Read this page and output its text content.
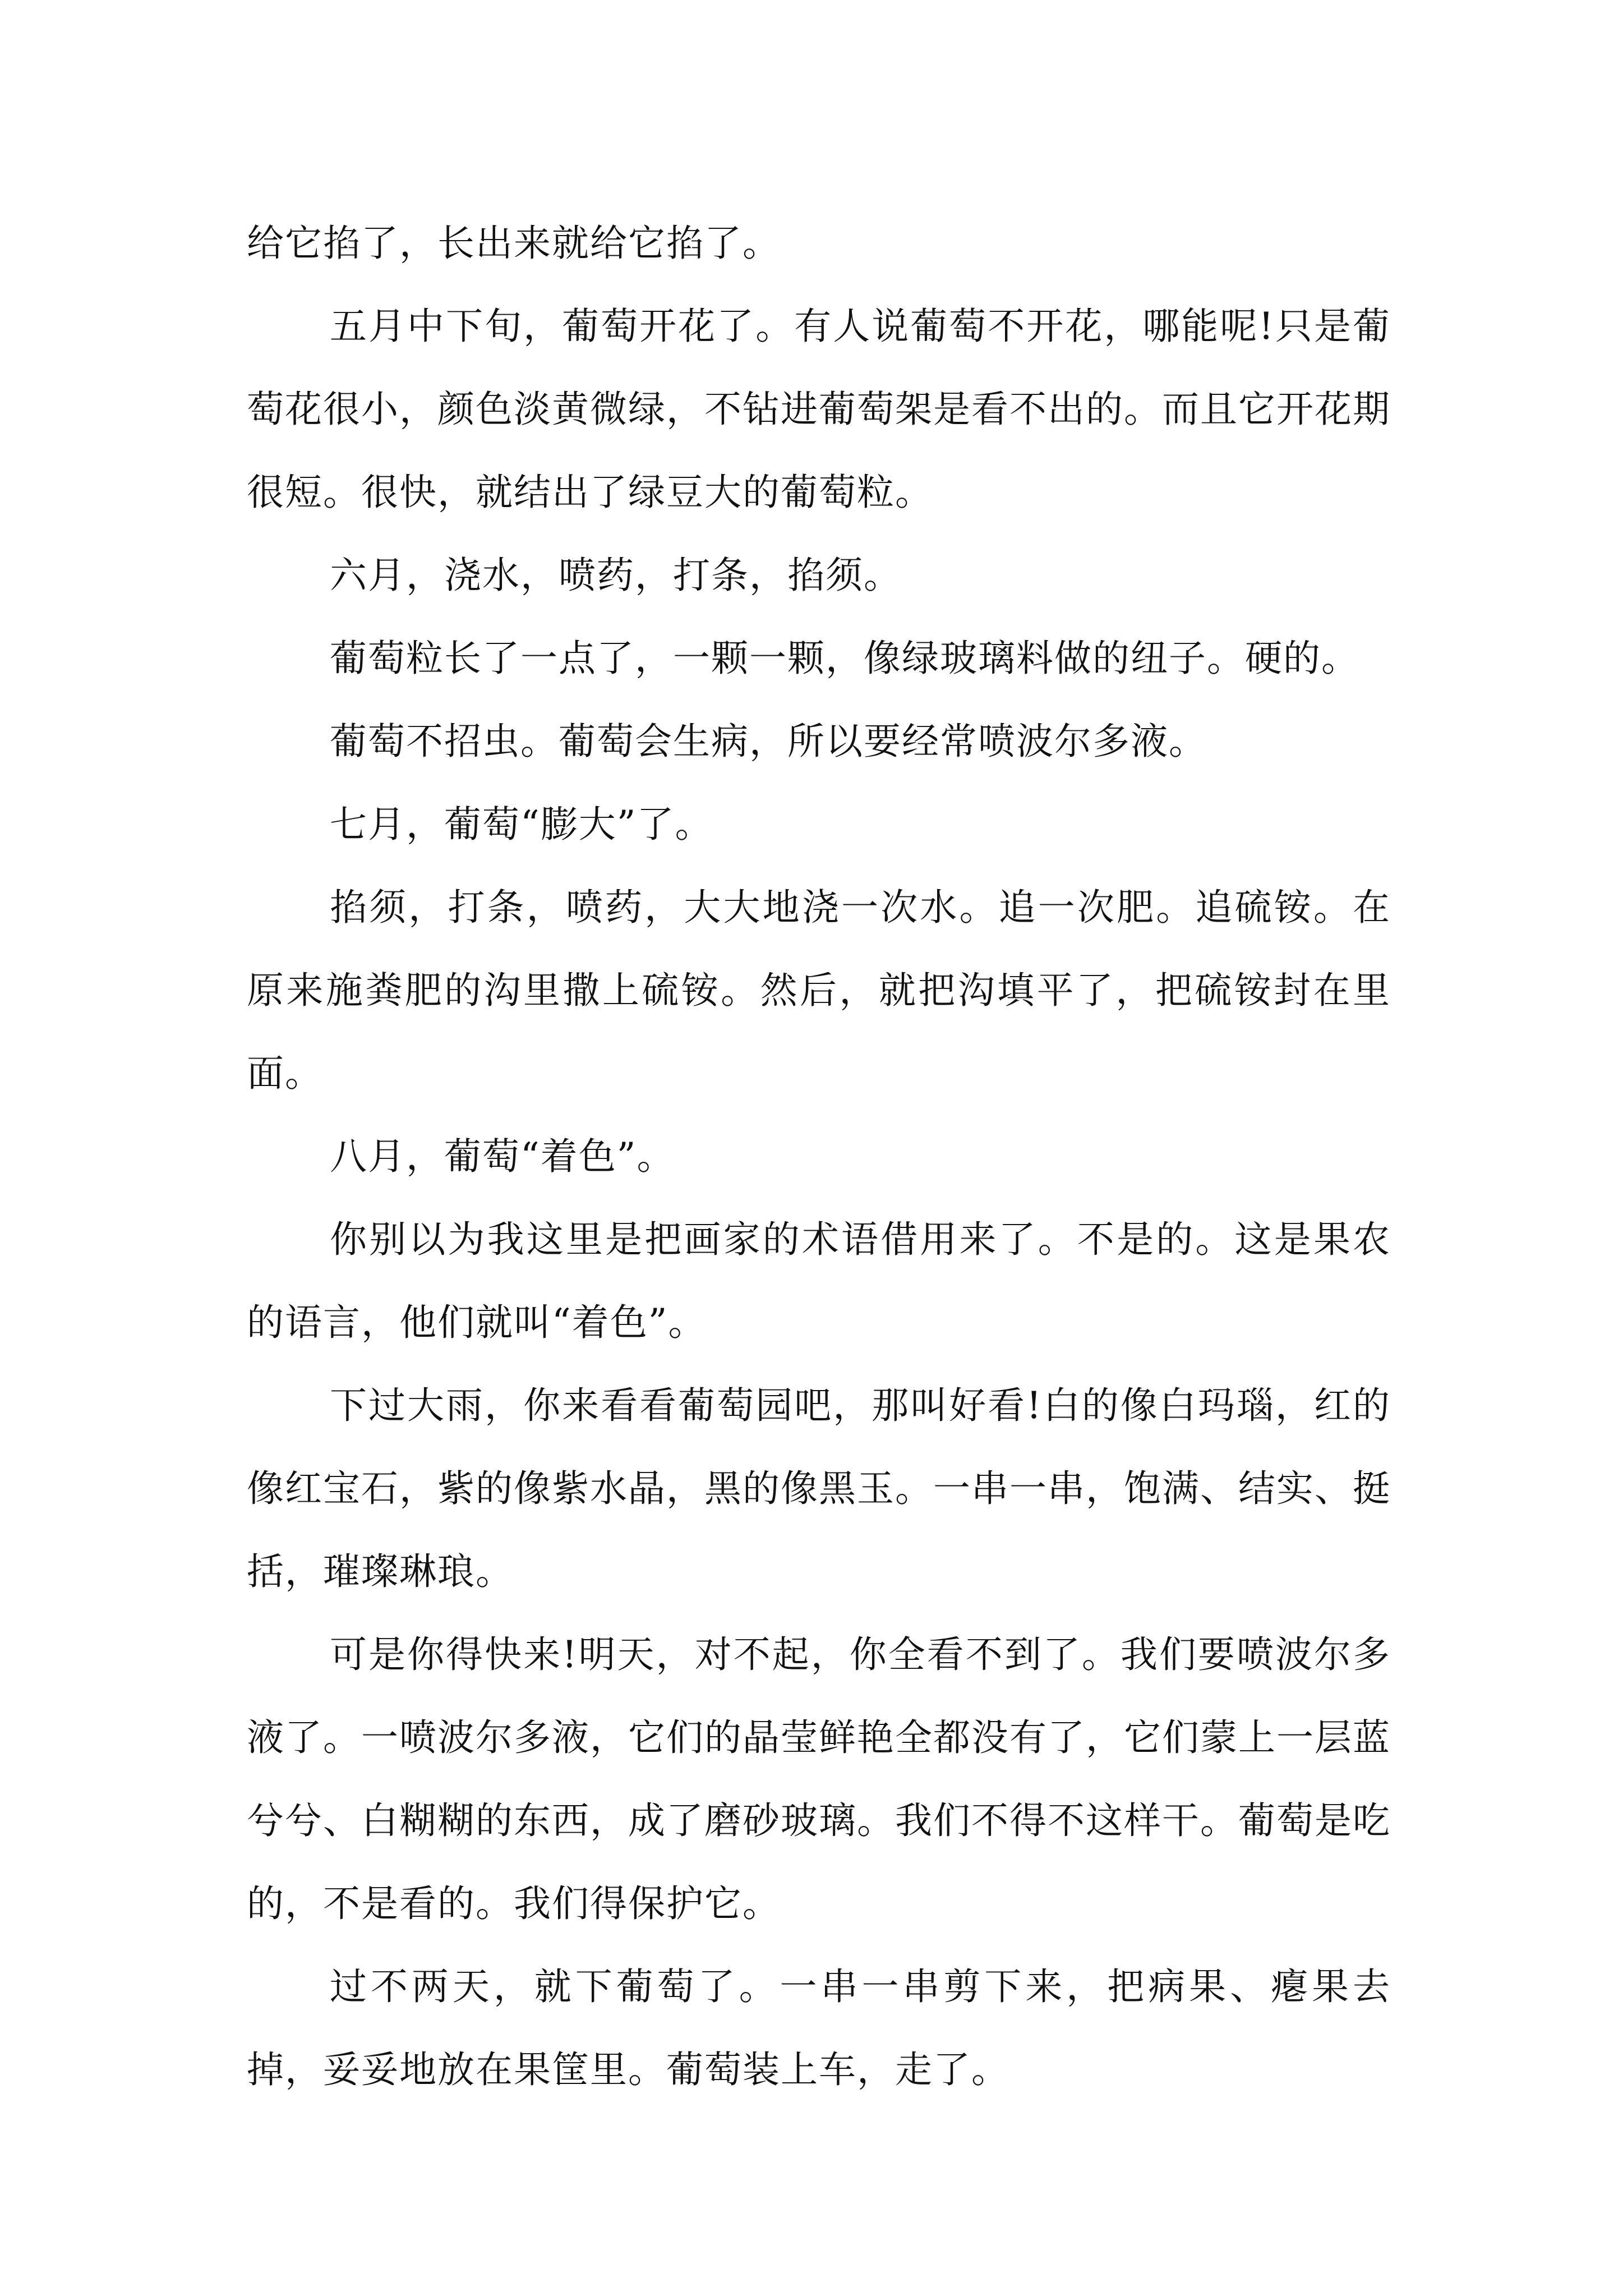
给它掐了，长出来就给它掐了。

五月中下旬，葡萄开花了。有人说葡萄不开花，哪能呢!只是葡萄花很小，颜色淡黄微绿，不钻进葡萄架是看不出的。而且它开花期很短。很快，就结出了绿豆大的葡萄粒。

六月，浇水，喷药，打条，掐须。

葡萄粒长了一点了，一颗一颗，像绿玻璃料做的纽子。硬的。

葡萄不招虫。葡萄会生病，所以要经常喷波尔多液。

七月，葡萄“膨大”了。

掐须，打条，喷药，大大地浇一次水。追一次肥。追硫铵。在原来施粪肥的沟里撒上硫铵。然后，就把沟填平了，把硫铵封在里面。

八月，葡萄“着色”。

你别以为我这里是把画家的术语借用来了。不是的。这是果农的语言，他们就叫“着色”。

下过大雨，你来看看葡萄园吧，那叫好看!白的像白玛瑙，红的像红宝石，紫的像紫水晶，黑的像黑玉。一串一串，饱满、结实、挺括，璀璨琳琅。

可是你得快来!明天，对不起，你全看不到了。我们要喷波尔多液了。一喷波尔多液，它们的晶莹鲜艳全都没有了，它们蒙上一层蓝兮兮、白糊糊的东西，成了磨砂玻璃。我们不得不这样干。葡萄是吃的，不是看的。我们得保护它。

过不两天，就下葡萄了。一串一串剪下来，把病果、瘪果去掉，妥妥地放在果筐里。葡萄装上车，走了。
